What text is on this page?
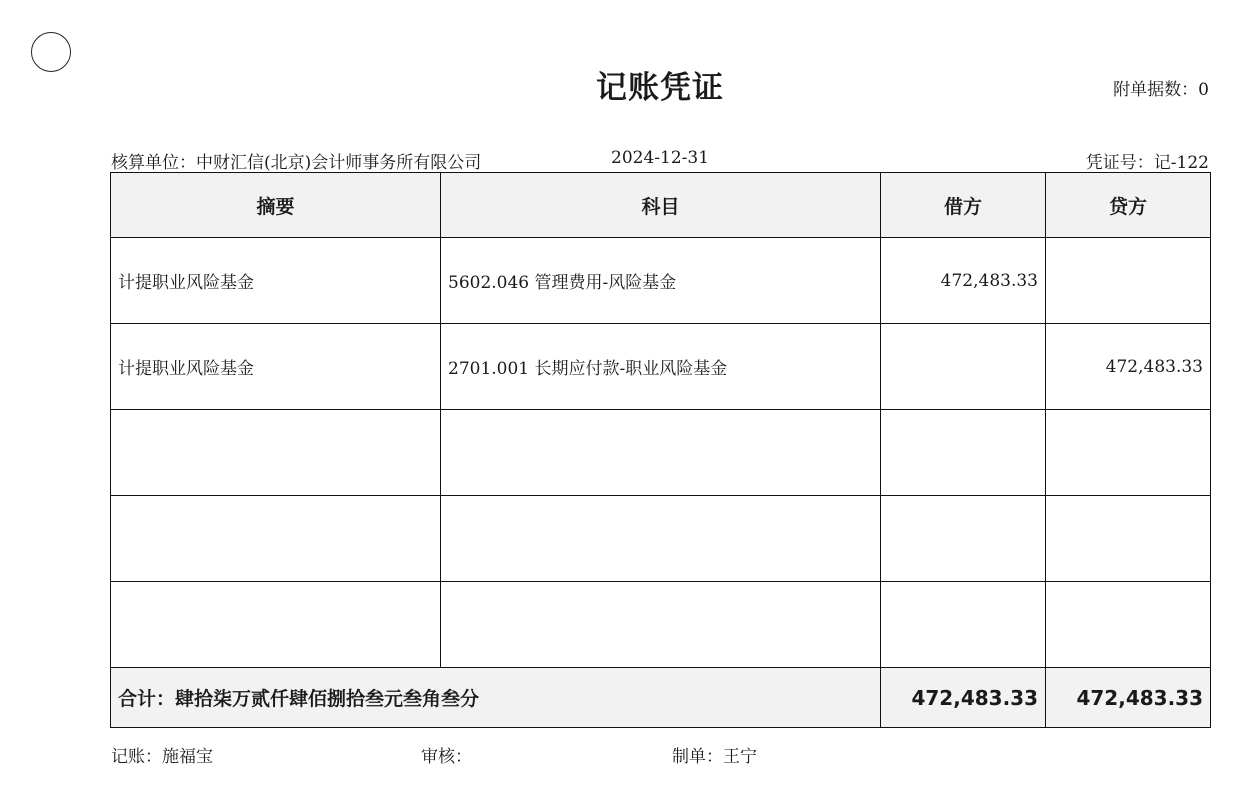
记账凭证	附单据数：0
核算单位：中财汇信(北京)会计师事务所有限公司	2024-12-31	凭证号：记-122
摘要	科目	借方	贷方
计提职业风险基金	5602.046 管理费用-风险基金	472,483.33	
计提职业风险基金	2701.001 长期应付款-职业风险基金		472,483.33

合计：肆拾柒万贰仟肆佰捌拾叁元叁角叁分		472,483.33	472,483.33
记账：施福宝	审核：	制单：王宁
